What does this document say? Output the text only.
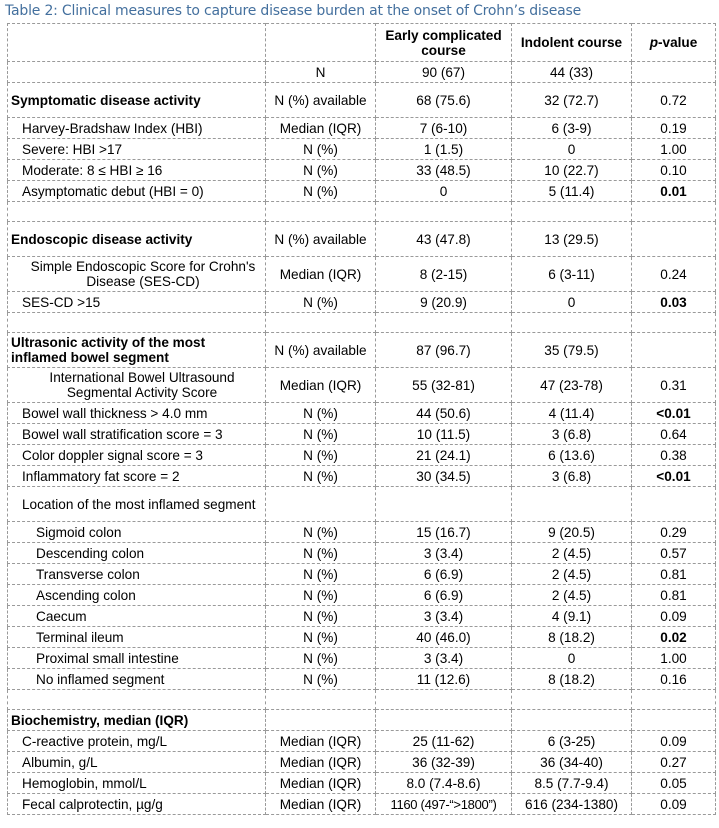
Table 2: Clinical measures to capture disease burden at the onset of Crohn’s disease
		Early complicated course	Indolent course	p-value
	N	90 (67)	44 (33)	
Symptomatic disease activity	N (%) available	68 (75.6)	32 (72.7)	0.72
Harvey-Bradshaw Index (HBI)	Median (IQR)	7 (6-10)	6 (3-9)	0.19
Severe: HBI >17	N (%)	1 (1.5)	0	1.00
Moderate: 8 ≤ HBI ≥ 16	N (%)	33 (48.5)	10 (22.7)	0.10
Asymptomatic debut (HBI = 0)	N (%)	0	5 (11.4)	0.01

Endoscopic disease activity	N (%) available	43 (47.8)	13 (29.5)	
Simple Endoscopic Score for Crohn's Disease (SES-CD)	Median (IQR)	8 (2-15)	6 (3-11)	0.24
SES-CD >15	N (%)	9 (20.9)	0	0.03

Ultrasonic activity of the most inflamed bowel segment	N (%) available	87 (96.7)	35 (79.5)	
International Bowel Ultrasound Segmental Activity Score	Median (IQR)	55 (32-81)	47 (23-78)	0.31
Bowel wall thickness > 4.0 mm	N (%)	44 (50.6)	4 (11.4)	<0.01
Bowel wall stratification score = 3	N (%)	10 (11.5)	3 (6.8)	0.64
Color doppler signal score = 3	N (%)	21 (24.1)	6 (13.6)	0.38
Inflammatory fat score = 2	N (%)	30 (34.5)	3 (6.8)	<0.01
Location of the most inflamed segment				
Sigmoid colon	N (%)	15 (16.7)	9 (20.5)	0.29
Descending colon	N (%)	3 (3.4)	2 (4.5)	0.57
Transverse colon	N (%)	6 (6.9)	2 (4.5)	0.81
Ascending colon	N (%)	6 (6.9)	2 (4.5)	0.81
Caecum	N (%)	3 (3.4)	4 (9.1)	0.09
Terminal ileum	N (%)	40 (46.0)	8 (18.2)	0.02
Proximal small intestine	N (%)	3 (3.4)	0	1.00
No inflamed segment	N (%)	11 (12.6)	8 (18.2)	0.16

Biochemistry, median (IQR)				
C-reactive protein, mg/L	Median (IQR)	25 (11-62)	6 (3-25)	0.09
Albumin, g/L	Median (IQR)	36 (32-39)	36 (34-40)	0.27
Hemoglobin, mmol/L	Median (IQR)	8.0 (7.4-8.6)	8.5 (7.7-9.4)	0.05
Fecal calprotectin, µg/g	Median (IQR)	1160 (497-“>1800”)	616 (234-1380)	0.09
